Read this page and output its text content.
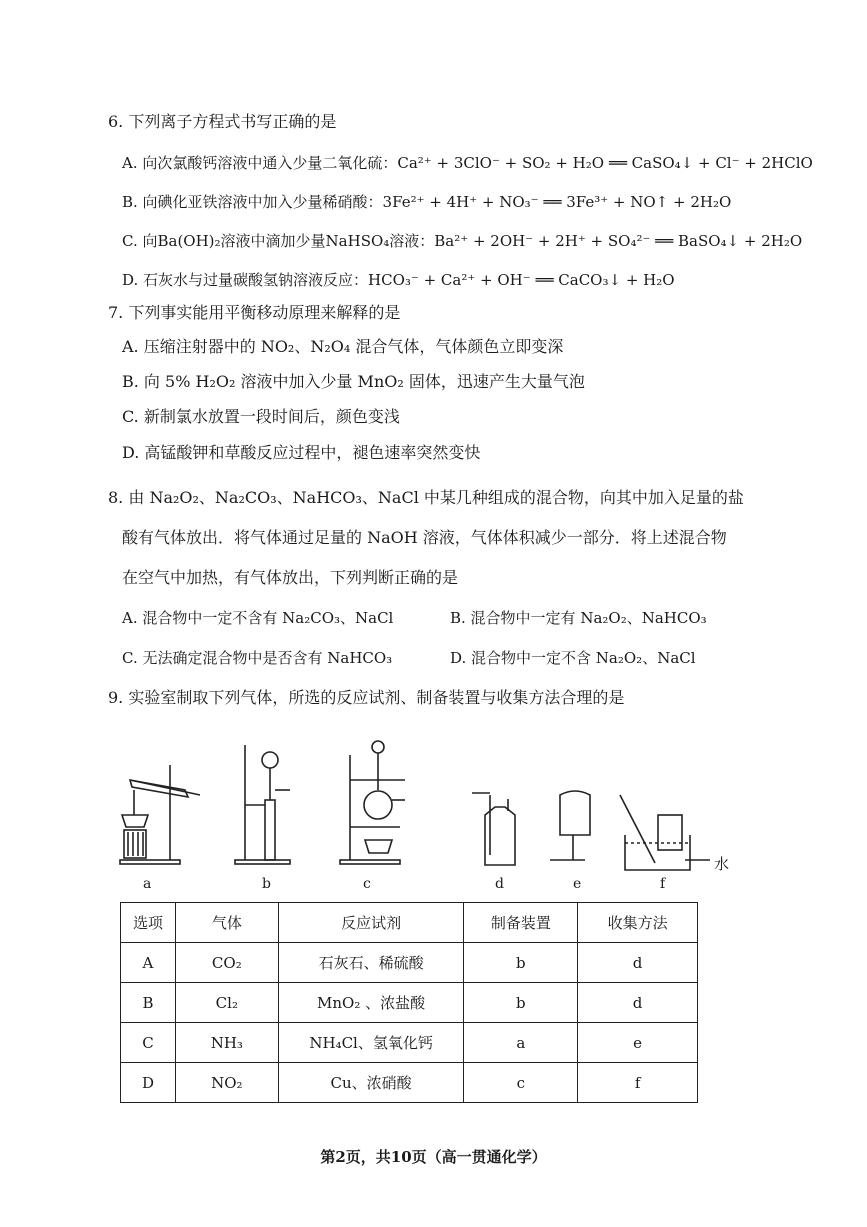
6. 下列离子方程式书写正确的是
A. 向次氯酸钙溶液中通入少量二氧化硫：Ca²⁺ + 3ClO⁻ + SO₂ + H₂O ══ CaSO₄↓ + Cl⁻ + 2HClO
B. 向碘化亚铁溶液中加入少量稀硝酸：3Fe²⁺ + 4H⁺ + NO₃⁻ ══ 3Fe³⁺ + NO↑ + 2H₂O
C. 向Ba(OH)₂溶液中滴加少量NaHSO₄溶液：Ba²⁺ + 2OH⁻ + 2H⁺ + SO₄²⁻ ══ BaSO₄↓ + 2H₂O
D. 石灰水与过量碳酸氢钠溶液反应：HCO₃⁻ + Ca²⁺ + OH⁻ ══ CaCO₃↓ + H₂O
7. 下列事实能用平衡移动原理来解释的是
A. 压缩注射器中的 NO₂、N₂O₄ 混合气体，气体颜色立即变深
B. 向 5% H₂O₂ 溶液中加入少量 MnO₂ 固体，迅速产生大量气泡
C. 新制氯水放置一段时间后，颜色变浅
D. 高锰酸钾和草酸反应过程中，褪色速率突然变快
8. 由 Na₂O₂、Na₂CO₃、NaHCO₃、NaCl 中某几种组成的混合物，向其中加入足量的盐
酸有气体放出．将气体通过足量的 NaOH 溶液，气体体积减少一部分．将上述混合物
在空气中加热，有气体放出，下列判断正确的是
A. 混合物中一定不含有 Na₂CO₃、NaCl	B. 混合物中一定有 Na₂O₂、NaHCO₃
C. 无法确定混合物中是否含有 NaHCO₃	D. 混合物中一定不含 Na₂O₂、NaCl
9. 实验室制取下列气体，所选的反应试剂、制备装置与收集方法合理的是
a	b	c	d	e	f
水
选项	气体	反应试剂	制备装置	收集方法
A	CO₂	石灰石、稀硫酸	b	d
B	Cl₂	MnO₂ 、浓盐酸	b	d
C	NH₃	NH₄Cl、氢氧化钙	a	e
D	NO₂	Cu、浓硝酸	c	f
第2页，共10页（高一贯通化学）
